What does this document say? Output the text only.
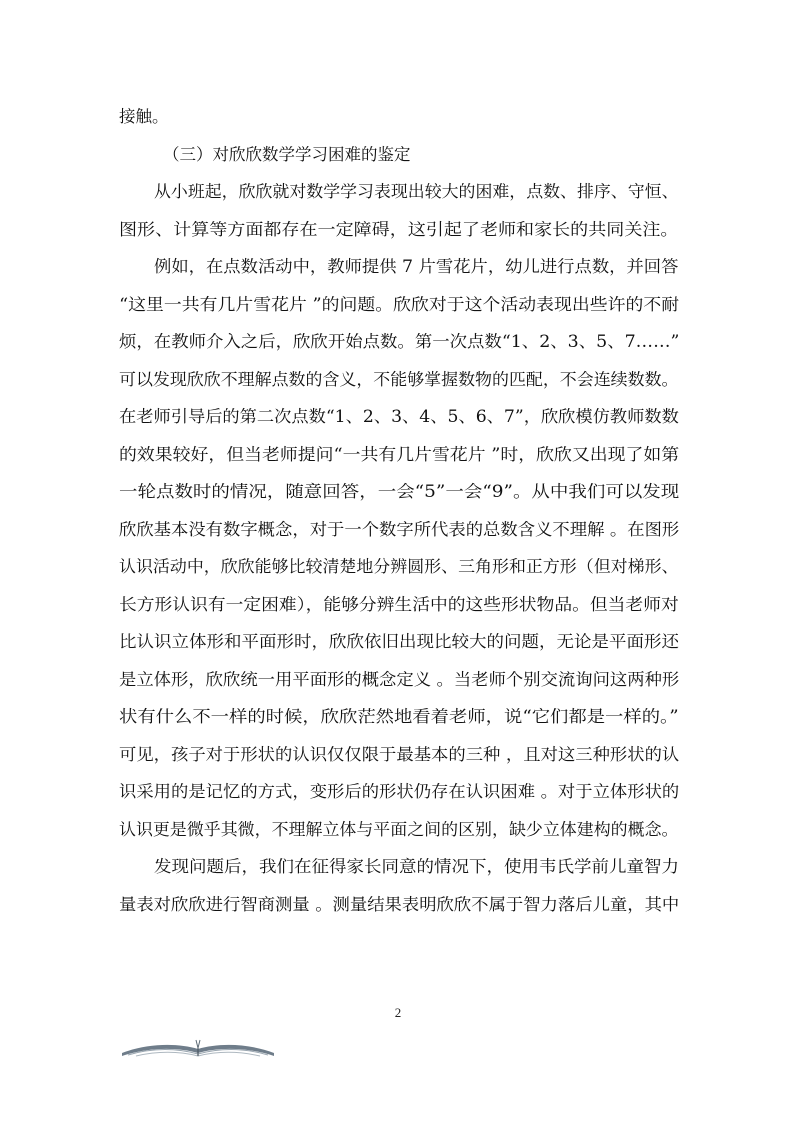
接触。
（三）对欣欣数学学习困难的鉴定
从小班起，欣欣就对数学学习表现出较大的困难，点数、排序、守恒、
图形、计算等方面都存在一定障碍，这引起了老师和家长的共同关注。
例如，在点数活动中，教师提供 7 片雪花片，幼儿进行点数，并回答
“这里一共有几片雪花片 ”的问题。欣欣对于这个活动表现出些许的不耐
烦，在教师介入之后，欣欣开始点数。第一次点数“1、2、3、5、7……”
可以发现欣欣不理解点数的含义，不能够掌握数物的匹配，不会连续数数。
在老师引导后的第二次点数“1、2、3、4、5、6、7”，欣欣模仿教师数数
的效果较好，但当老师提问“一共有几片雪花片 ”时，欣欣又出现了如第
一轮点数时的情况，随意回答，一会“5”一会“9”。从中我们可以发现
欣欣基本没有数字概念，对于一个数字所代表的总数含义不理解 。在图形
认识活动中，欣欣能够比较清楚地分辨圆形、三角形和正方形（但对梯形、
长方形认识有一定困难），能够分辨生活中的这些形状物品。但当老师对
比认识立体形和平面形时，欣欣依旧出现比较大的问题，无论是平面形还
是立体形，欣欣统一用平面形的概念定义 。当老师个别交流询问这两种形
状有什么不一样的时候，欣欣茫然地看着老师，说“它们都是一样的。”
可见，孩子对于形状的认识仅仅限于最基本的三种 ，且对这三种形状的认
识采用的是记忆的方式，变形后的形状仍存在认识困难 。对于立体形状的
认识更是微乎其微，不理解立体与平面之间的区别，缺少立体建构的概念。
发现问题后，我们在征得家长同意的情况下，使用韦氏学前儿童智力
量表对欣欣进行智商测量 。测量结果表明欣欣不属于智力落后儿童，其中
2
